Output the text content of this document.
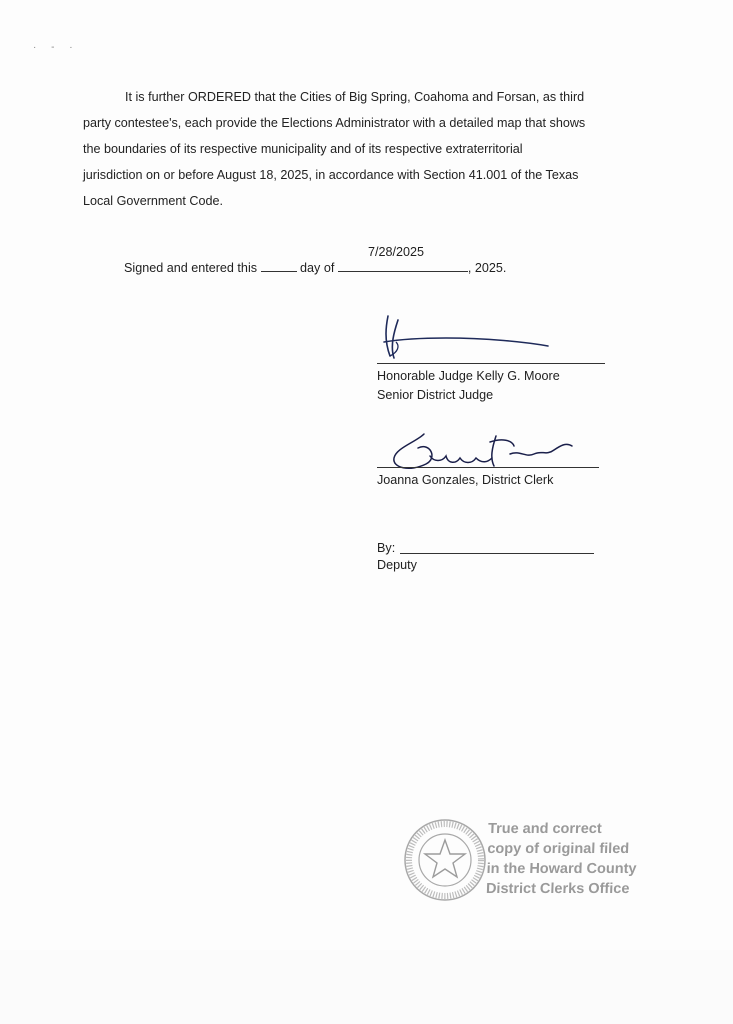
· - ·
It is further ORDERED that the Cities of Big Spring, Coahoma and Forsan, as third
party contestee's, each provide the Elections Administrator with a detailed map that shows
the boundaries of its respective municipality and of its respective extraterritorial
jurisdiction on or before August 18, 2025, in accordance with Section 41.001 of the Texas
Local Government Code.
7/28/2025
Signed and entered this	day of	, 2025.
Honorable Judge Kelly G. Moore
Senior District Judge
Joanna Gonzales, District Clerk
By:
Deputy
True and correct
copy of original filed
in the Howard County
District Clerks Office
